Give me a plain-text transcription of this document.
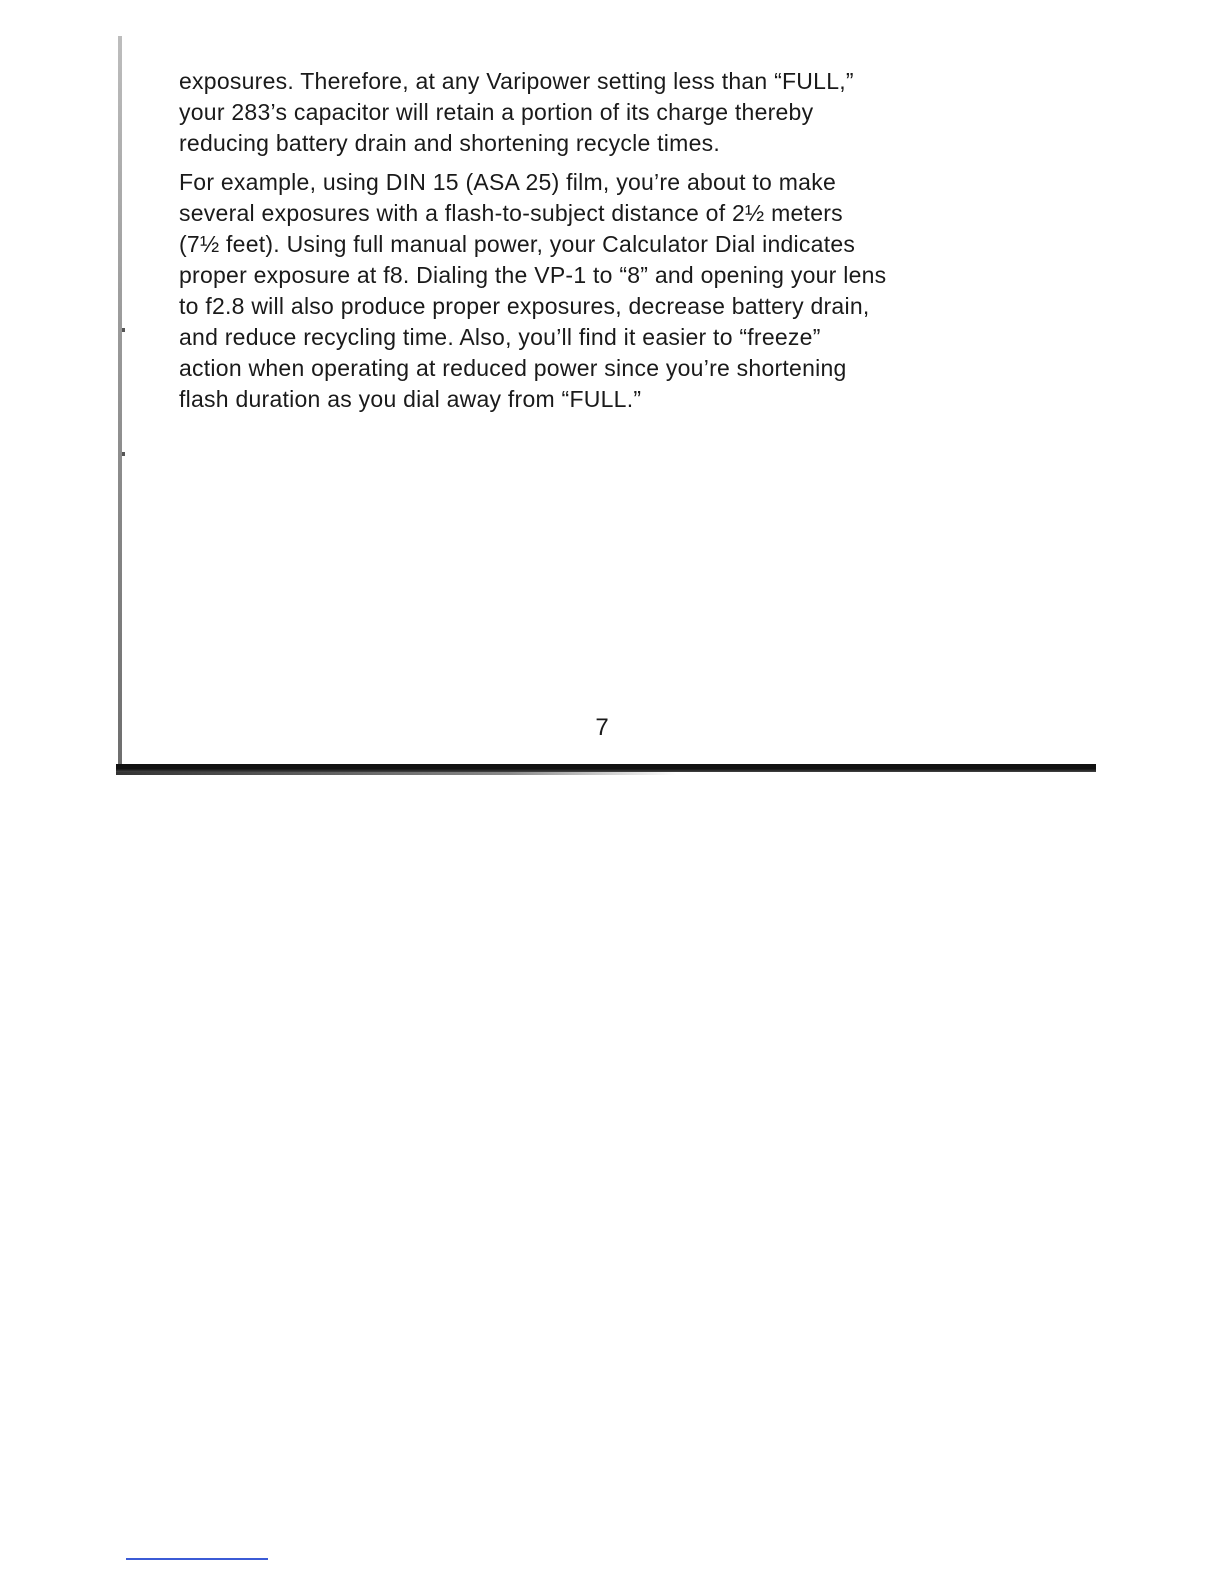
exposures. Therefore, at any Varipower setting less than “FULL,”
your 283’s capacitor will retain a portion of its charge thereby
reducing battery drain and shortening recycle times.

For example, using DIN 15 (ASA 25) film, you’re about to make
several exposures with a flash-to-subject distance of 2½ meters
(7½ feet). Using full manual power, your Calculator Dial indicates
proper exposure at f8. Dialing the VP-1 to “8” and opening your lens
to f2.8 will also produce proper exposures, decrease battery drain,
and reduce recycling time. Also, you’ll find it easier to “freeze”
action when operating at reduced power since you’re shortening
flash duration as you dial away from “FULL.”

7
